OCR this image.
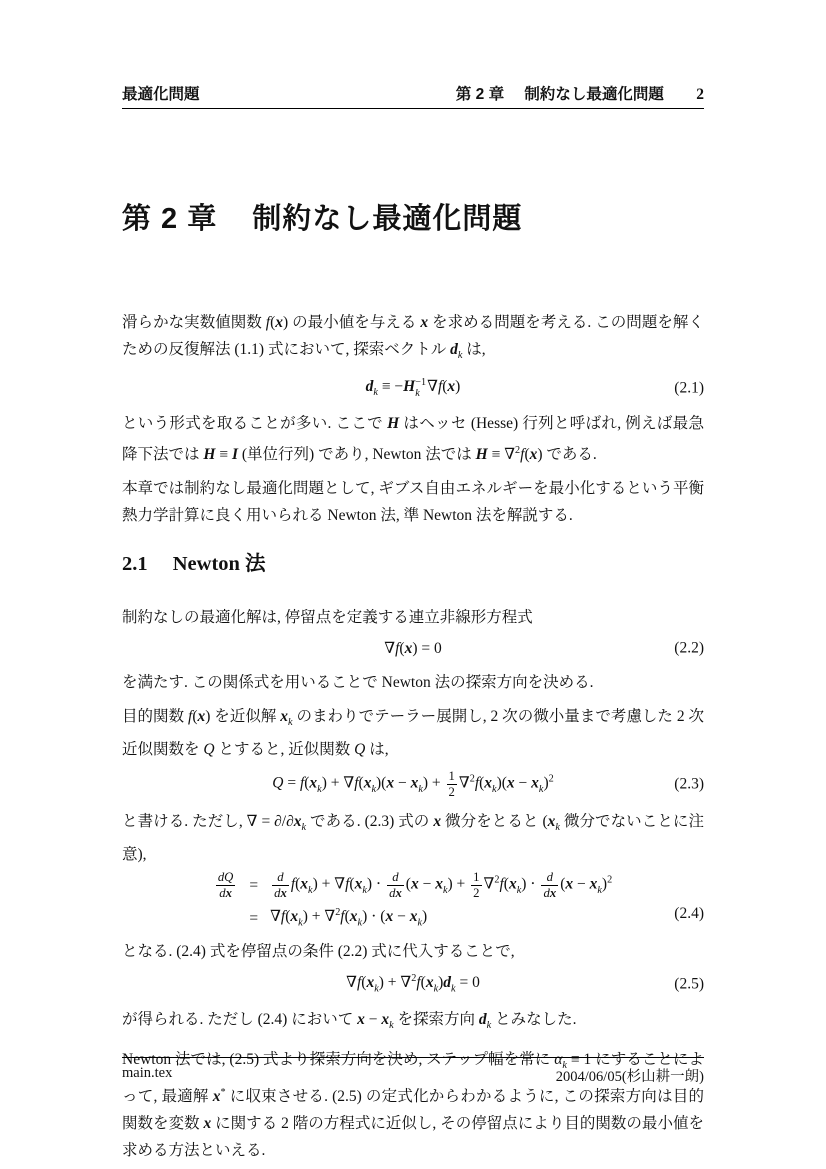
最適化問題	第 2 章 制約なし最適化問題 2
第 2 章 制約なし最適化問題

滑らかな実数値関数 f(x) の最小値を与える x を求める問題を考える. この問題を解くための反復解法 (1.1) 式において, 探索ベクトル $d_k$ は,

$d_k \equiv -H -1$
k ∇f(x)	(2.1)

という形式を取ることが多い. ここで H はヘッセ (Hesse) 行列と呼ばれ, 例えば最急降下法では H ≡ I (単位行列) であり, Newton 法では H ≡ ∇$^2$f(x) である.

本章では制約なし最適化問題として, ギブス自由エネルギーを最小化するという平衡熱力学計算に良く用いられる Newton 法, 準 Newton 法を解説する.

2.1 Newton 法

制約なしの最適化解は, 停留点を定義する連立非線形方程式

∇f(x) = 0	(2.2)

を満たす. この関係式を用いることで Newton 法の探索方向を決める.

目的関数 f(x) を近似解 $x_k$ のまわりでテーラー展開し, 2 次の微小量まで考慮した 2 次近似関数を Q とすると, 近似関数 Q は,

$Q = f(x_k) + \nabla f(x_k)(x - x_k) + \frac{1}{2} \nabla^2f(x_k)(x - x_k)^2$	(2.3)

と書ける. ただし, ∇ = $\partial/\partial x_k$ である. (2.3) 式の x 微分をとると ($x_k$ 微分でないことに注意),

$\frac{dQ}{dx} = \frac{d}{dx} f(x_k) + \nabla f(x_k) \cdot \frac{d}{dx} (x - x_k) + \frac{1}{2} \nabla^2f(x_k) \cdot \frac{d}{dx} (x - x_k)^2$
= $\nabla f(x_k) + \nabla^2f(x_k) \cdot (x - x_k)$	(2.4)

となる. (2.4) 式を停留点の条件 (2.2) 式に代入することで,

$\nabla f(x_k) + \nabla^2f(x_k)d_k = 0$	(2.5)

が得られる. ただし (2.4) において $x - x_k$ を探索方向 $d_k$ とみなした.

Newton 法では, (2.5) 式より探索方向を決め, ステップ幅を常に $\alpha_k \equiv 1$ にすることによって, 最適解 x* に収束させる. (2.5) の定式化からわかるように, この探索方向は目的関数を変数 x に関する 2 階の方程式に近似し, その停留点により目的関数の最小値を求める方法といえる.

main.tex	2004/06/05(杉山耕一朗)
